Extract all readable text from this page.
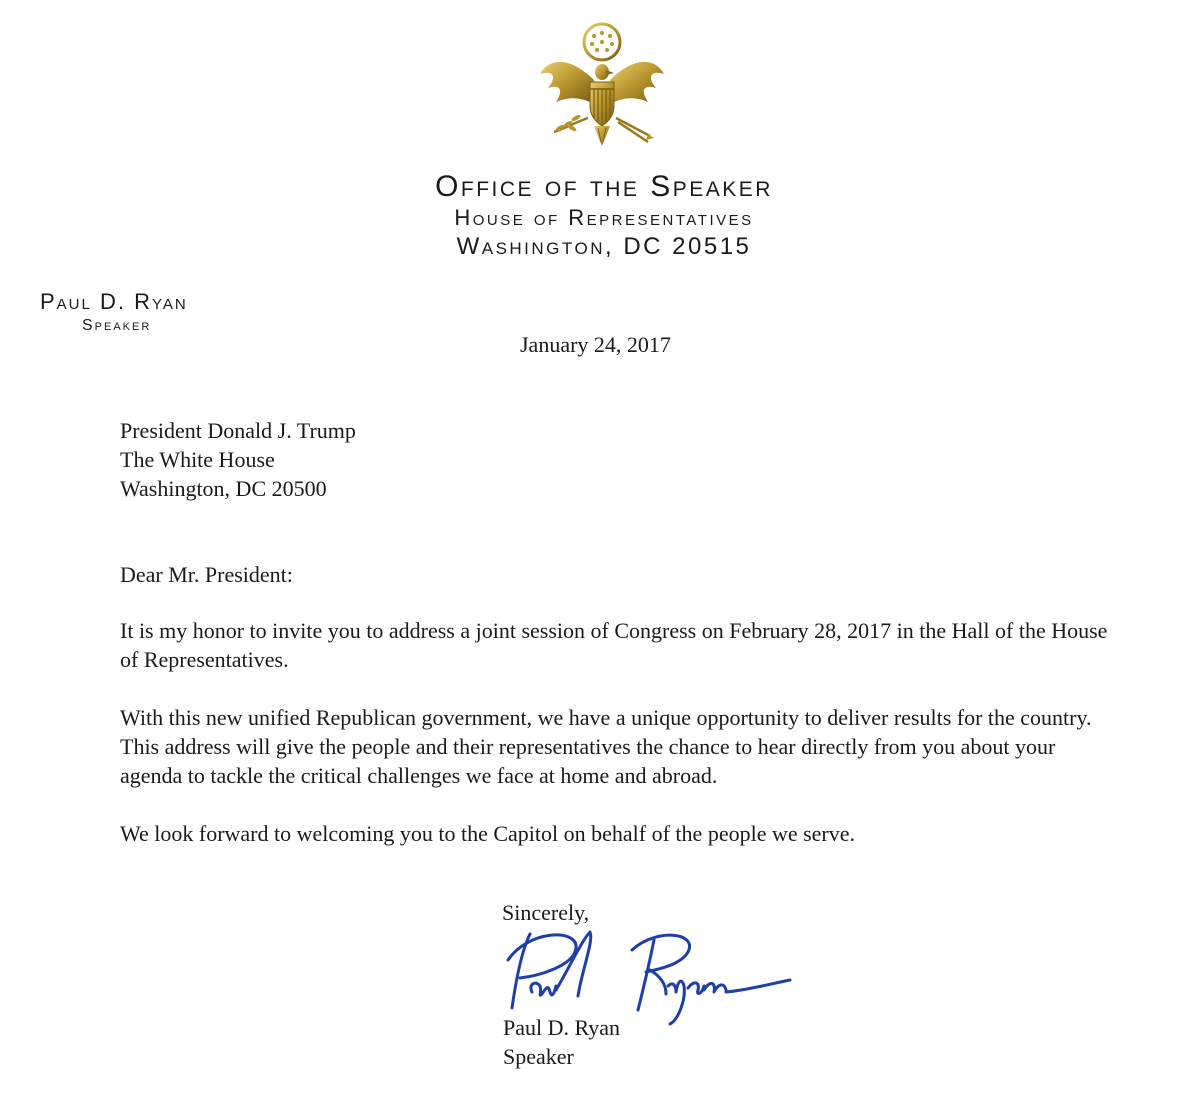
Office of the Speaker
House of Representatives
Washington, DC 20515
Paul D. Ryan
Speaker
January 24, 2017
President Donald J. Trump
The White House
Washington, DC 20500
Dear Mr. President:

It is my honor to invite you to address a joint session of Congress on February 28, 2017 in the Hall of the House of Representatives.

With this new unified Republican government, we have a unique opportunity to deliver results for the country. This address will give the people and their representatives the chance to hear directly from you about your agenda to tackle the critical challenges we face at home and abroad.

We look forward to welcoming you to the Capitol on behalf of the people we serve.

Sincerely,
Paul D. Ryan
Speaker
